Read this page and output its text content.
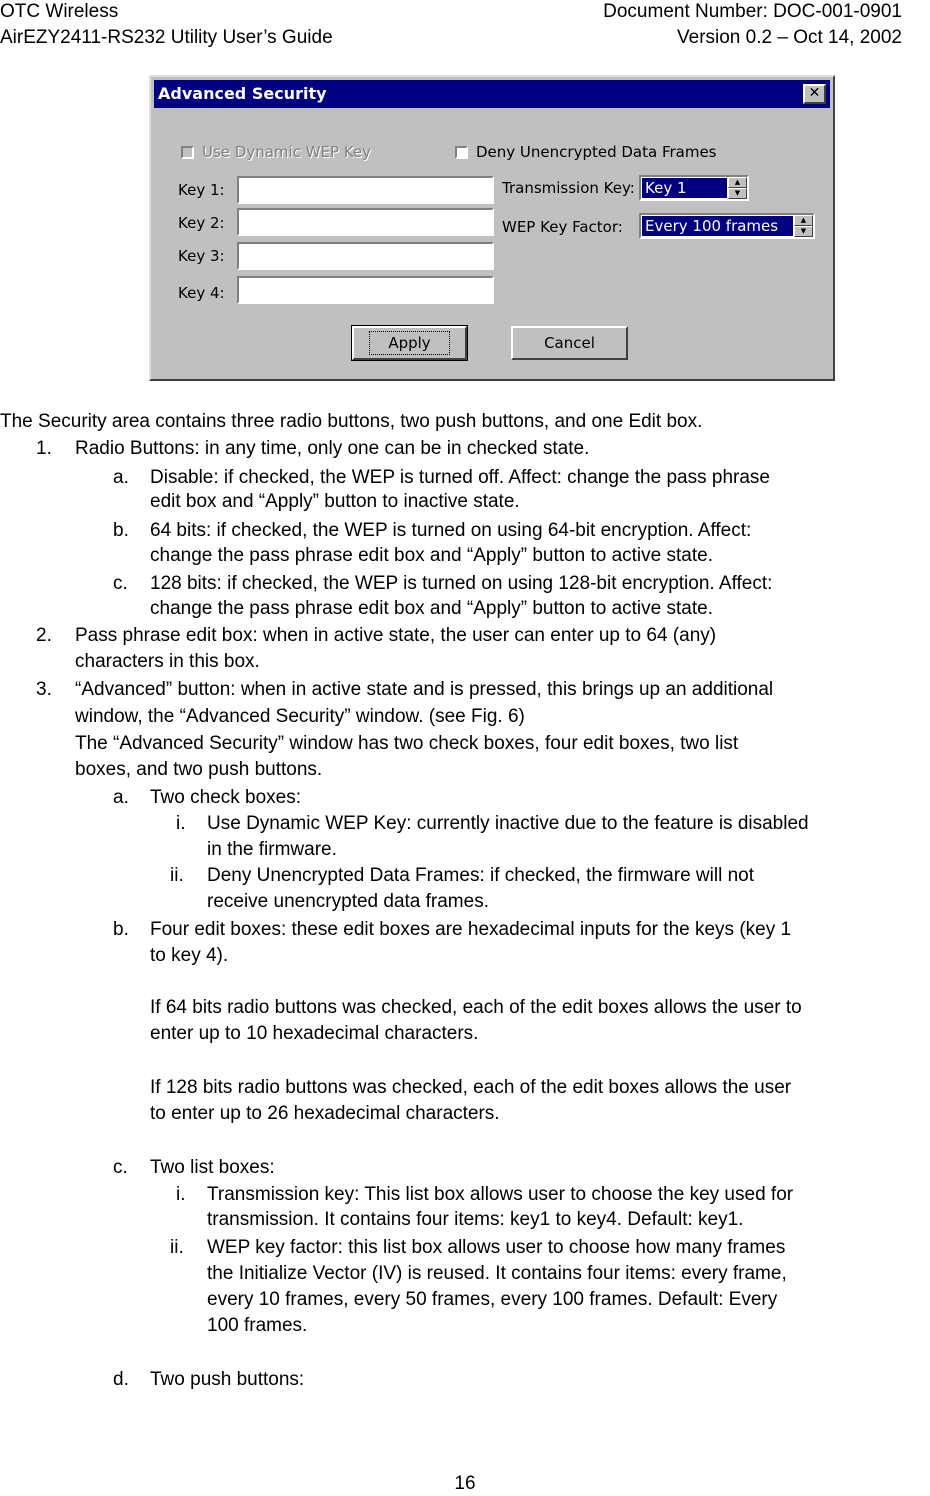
OTC Wireless	Document Number: DOC-001-0901
AirEZY2411-RS232 Utility User’s Guide	Version 0.2 – Oct 14, 2002
Advanced Security	✕
Use Dynamic WEP Key	Deny Unencrypted Data Frames
Key 1:
Key 2:
Key 3:
Key 4:
Transmission Key: Key 1	▲
▼
WEP Key Factor: Every 100 frames	▲
▼
Apply	Cancel
The Security area contains three radio buttons, two push buttons, and one Edit box.
1. Radio Buttons: in any time, only one can be in checked state.
a. Disable: if checked, the WEP is turned off. Affect: change the pass phrase
edit box and “Apply” button to inactive state.
b. 64 bits: if checked, the WEP is turned on using 64-bit encryption. Affect:
change the pass phrase edit box and “Apply” button to active state.
c. 128 bits: if checked, the WEP is turned on using 128-bit encryption. Affect:
change the pass phrase edit box and “Apply” button to active state.
2. Pass phrase edit box: when in active state, the user can enter up to 64 (any)
characters in this box.
3. “Advanced” button: when in active state and is pressed, this brings up an additional
window, the “Advanced Security” window. (see Fig. 6)
The “Advanced Security” window has two check boxes, four edit boxes, two list
boxes, and two push buttons.
a. Two check boxes:
i. Use Dynamic WEP Key: currently inactive due to the feature is disabled
in the firmware.
ii. Deny Unencrypted Data Frames: if checked, the firmware will not
receive unencrypted data frames.
b. Four edit boxes: these edit boxes are hexadecimal inputs for the keys (key 1
to key 4).
If 64 bits radio buttons was checked, each of the edit boxes allows the user to
enter up to 10 hexadecimal characters.
If 128 bits radio buttons was checked, each of the edit boxes allows the user
to enter up to 26 hexadecimal characters.
c. Two list boxes:
i. Transmission key: This list box allows user to choose the key used for
transmission. It contains four items: key1 to key4. Default: key1.
ii. WEP key factor: this list box allows user to choose how many frames
the Initialize Vector (IV) is reused. It contains four items: every frame,
every 10 frames, every 50 frames, every 100 frames. Default: Every
100 frames.
d. Two push buttons:
16
